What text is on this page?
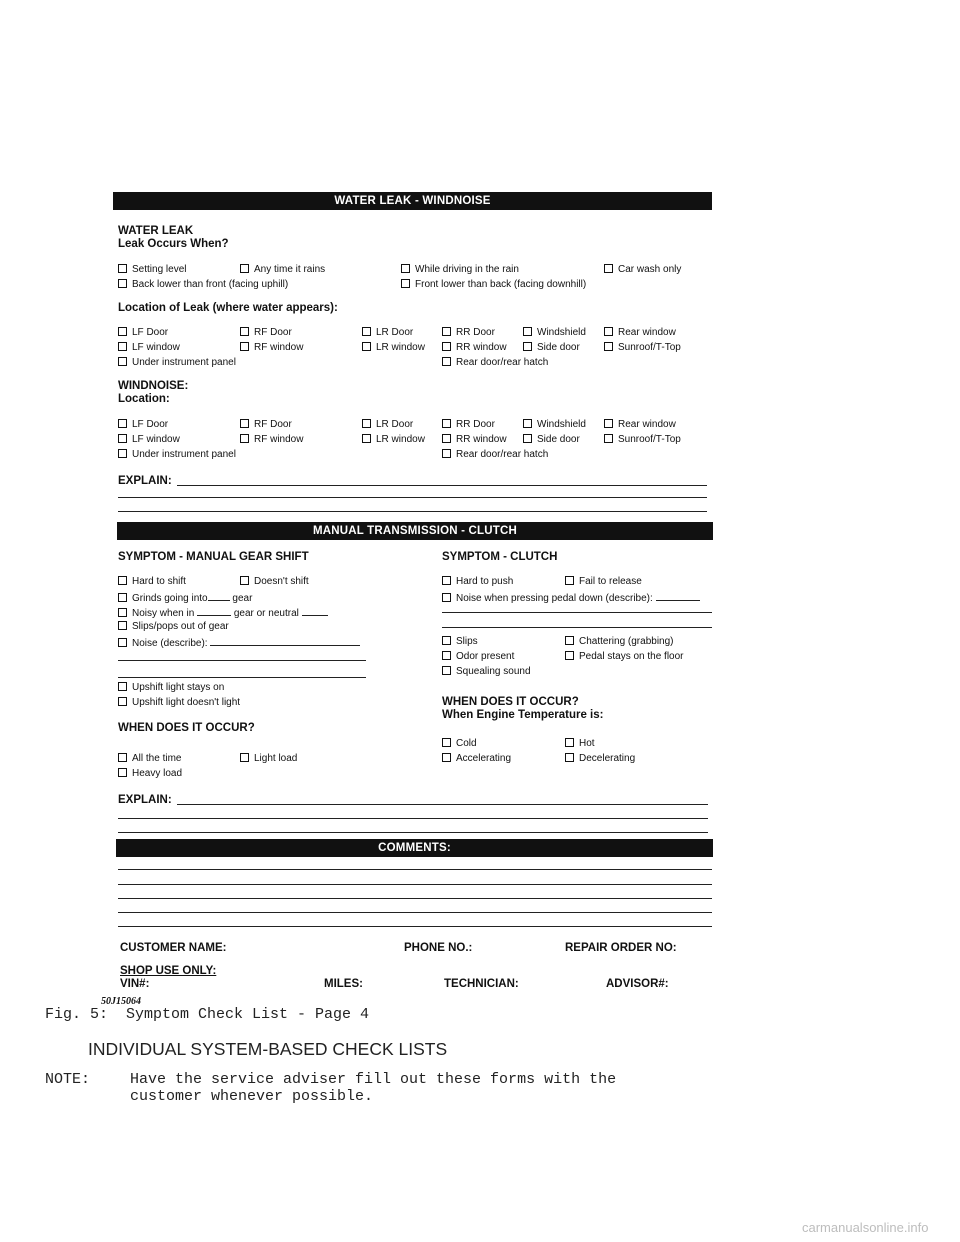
WATER LEAK - WINDNOISE
WATER LEAK
Leak Occurs When?
Setting level	Any time it rains	While driving in the rain	Car wash only
Back lower than front (facing uphill)	Front lower than back (facing downhill)
Location of Leak (where water appears):
LF Door	RF Door	LR Door	RR Door	Windshield	Rear window
LF window	RF window	LR window	RR window	Side door	Sunroof/T-Top
Under instrument panel	Rear door/rear hatch
WINDNOISE:
Location:
LF Door	RF Door	LR Door	RR Door	Windshield	Rear window
LF window	RF window	LR window	RR window	Side door	Sunroof/T-Top
Under instrument panel	Rear door/rear hatch
EXPLAIN:
MANUAL TRANSMISSION - CLUTCH
SYMPTOM - MANUAL GEAR SHIFT
Hard to shift	Doesn't shift
Grinds going into gear
Noisy when in	gear or neutral
Slips/pops out of gear
Noise (describe):
Upshift light stays on
Upshift light doesn't light
WHEN DOES IT OCCUR?
All the time	Light load
Heavy load
SYMPTOM - CLUTCH
Hard to push	Fail to release
Noise when pressing pedal down (describe):
Slips	Chattering (grabbing)
Odor present	Pedal stays on the floor
Squealing sound
WHEN DOES IT OCCUR?
When Engine Temperature is:
Cold	Hot
Accelerating	Decelerating
EXPLAIN:
COMMENTS:
CUSTOMER NAME:	PHONE NO.:	REPAIR ORDER NO:
SHOP USE ONLY:
VIN#:	MILES:	TECHNICIAN:	ADVISOR#:
50J15064
Fig. 5:  Symptom Check List - Page 4
INDIVIDUAL SYSTEM-BASED CHECK LISTS
NOTE:	Have the service adviser fill out these forms with the
customer whenever possible.
carmanualsonline.info
